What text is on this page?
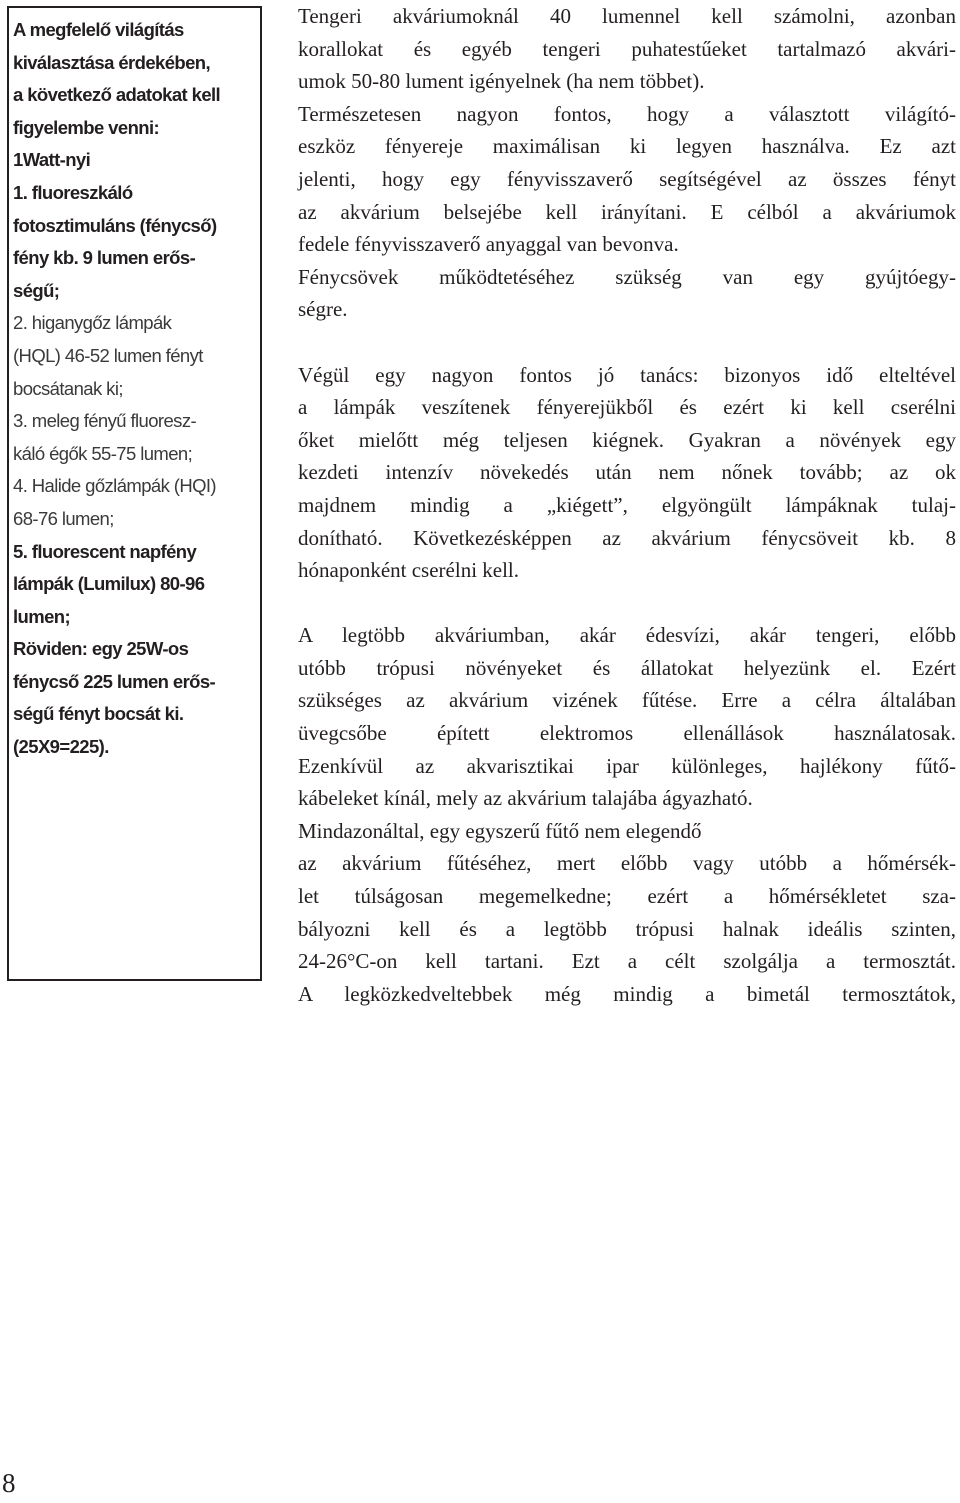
A megfelelő világítás
kiválasztása érdekében,
a következő adatokat kell
figyelembe venni:
1Watt-nyi
1. fluoreszkáló
fotosztimuláns (fénycső)
fény kb. 9 lumen erős-
ségű;
2. higanygőz lámpák
(HQL) 46-52 lumen fényt
bocsátanak ki;
3. meleg fényű fluoresz-
káló égők 55-75 lumen;
4. Halide gőzlámpák (HQI)
68-76 lumen;
5. fluorescent napfény
lámpák (Lumilux) 80-96
lumen;
Röviden: egy 25W-os
fénycső 225 lumen erős-
ségű fényt bocsát ki.
(25X9=225).
Tengeri akváriumoknál 40 lumennel kell számolni, azonban
korallokat és egyéb tengeri puhatestűeket tartalmazó akvári-
umok 50-80 lument igényelnek (ha nem többet).
Természetesen nagyon fontos, hogy a választott világító-
eszköz fényereje maximálisan ki legyen használva. Ez azt
jelenti, hogy egy fényvisszaverő segítségével az összes fényt
az akvárium belsejébe kell irányítani. E célból a akváriumok
fedele fényvisszaverő anyaggal van bevonva.
Fénycsövek működtetéséhez szükség van egy gyújtóegy-
ségre.
Végül egy nagyon fontos jó tanács: bizonyos idő elteltével
a lámpák veszítenek fényerejükből és ezért ki kell cserélni
őket mielőtt még teljesen kiégnek. Gyakran a növények egy
kezdeti intenzív növekedés után nem nőnek tovább; az ok
majdnem mindig a „kiégett”, elgyöngült lámpáknak tulaj-
donítható. Következésképpen az akvárium fénycsöveit kb. 8
hónaponként cserélni kell.
A legtöbb akváriumban, akár édesvízi, akár tengeri, előbb
utóbb trópusi növényeket és állatokat helyezünk el. Ezért
szükséges az akvárium vizének fűtése. Erre a célra általában
üvegcsőbe épített elektromos ellenállások használatosak.
Ezenkívül az akvarisztikai ipar különleges, hajlékony fűtő-
kábeleket kínál, mely az akvárium talajába ágyazható.
Mindazonáltal, egy egyszerű fűtő nem elegendő
az akvárium fűtéséhez, mert előbb vagy utóbb a hőmérsék-
let túlságosan megemelkedne; ezért a hőmérsékletet sza-
bályozni kell és a legtöbb trópusi halnak ideális szinten,
24-26°C-on kell tartani. Ezt a célt szolgálja a termosztát.
A legközkedveltebbek még mindig a bimetál termosztátok,
8
